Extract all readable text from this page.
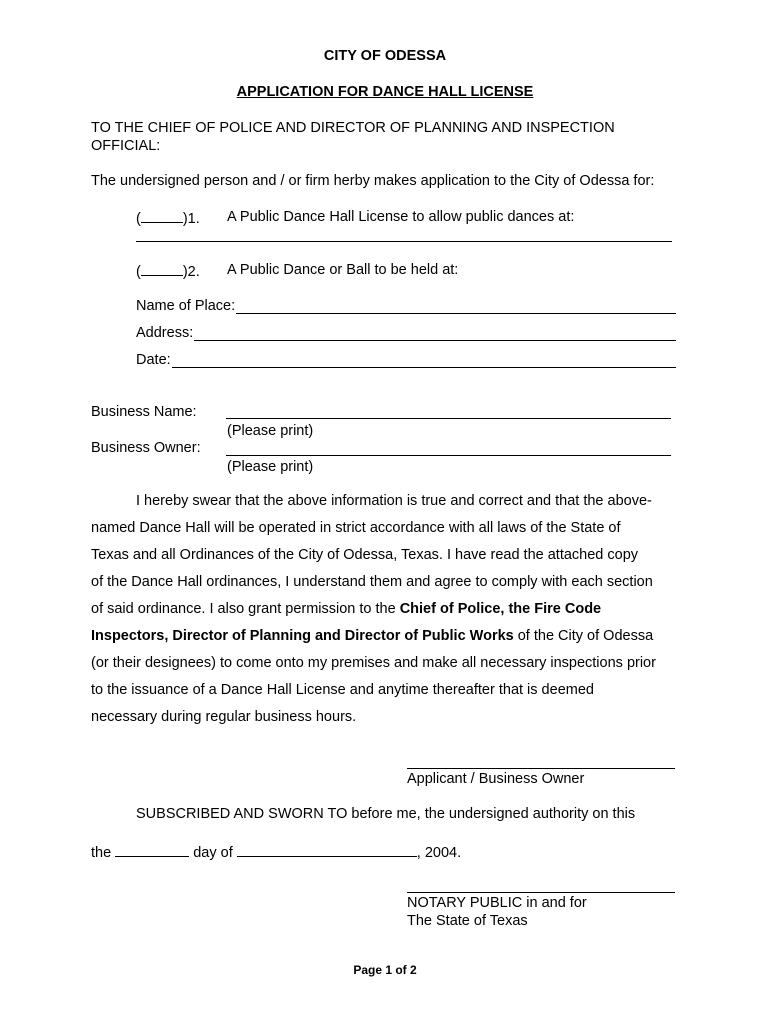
CITY OF ODESSA
APPLICATION FOR DANCE HALL LICENSE
TO THE CHIEF OF POLICE AND DIRECTOR OF PLANNING AND INSPECTION
OFFICIAL:
The undersigned person and / or firm herby makes application to the City of Odessa for:
(	)1. A Public Dance Hall License to allow public dances at:
(	)2. A Public Dance or Ball to be held at:
Name of Place:
Address:
Date:
Business Name:
(Please print)
Business Owner:
(Please print)
I hereby swear that the above information is true and correct and that the above-
named Dance Hall will be operated in strict accordance with all laws of the State of
Texas and all Ordinances of the City of Odessa, Texas. I have read the attached copy
of the Dance Hall ordinances, I understand them and agree to comply with each section
of said ordinance. I also grant permission to the Chief of Police, the Fire Code
Inspectors, Director of Planning and Director of Public Works of the City of Odessa
(or their designees) to come onto my premises and make all necessary inspections prior
to the issuance of a Dance Hall License and anytime thereafter that is deemed
necessary during regular business hours.
Applicant / Business Owner
SUBSCRIBED AND SWORN TO before me, the undersigned authority on this
the	day of	, 2004.
NOTARY PUBLIC in and for
The State of Texas
Page 1 of 2
